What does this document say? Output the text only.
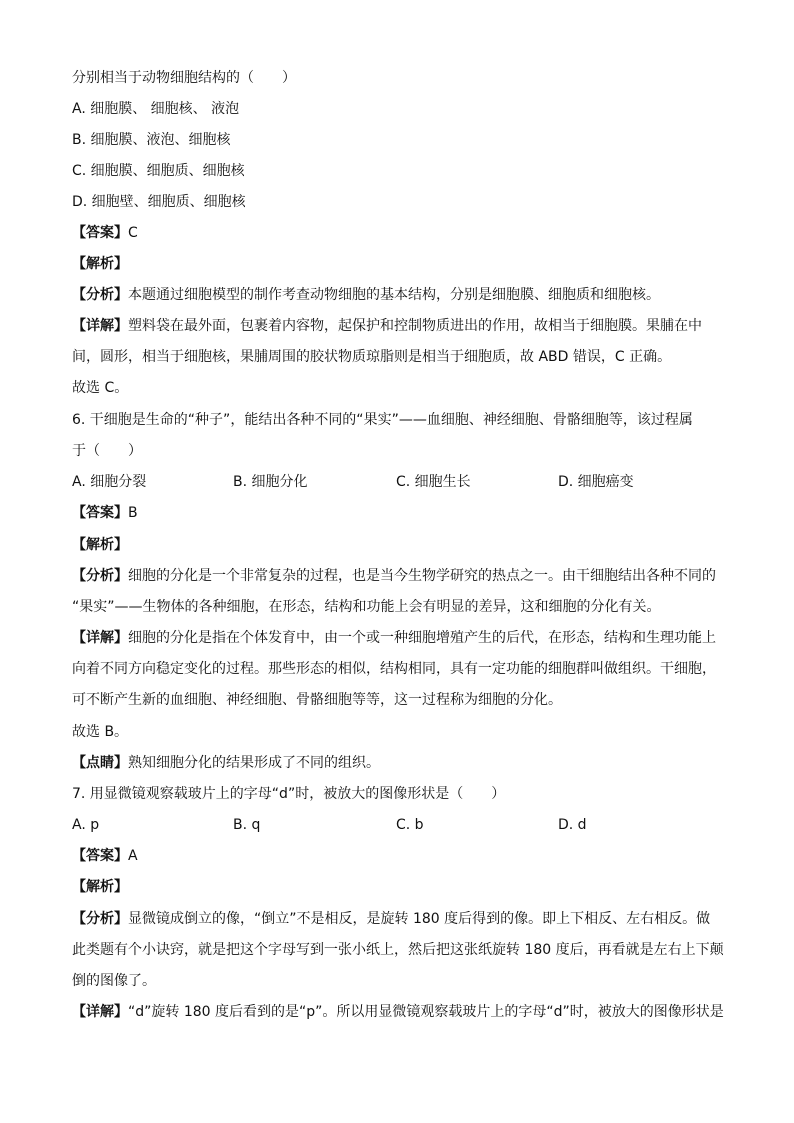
分别相当于动物细胞结构的（　　）
A. 细胞膜、 细胞核、 液泡
B. 细胞膜、液泡、细胞核
C. 细胞膜、细胞质、细胞核
D. 细胞壁、细胞质、细胞核
【答案】C
【解析】
【分析】本题通过细胞模型的制作考查动物细胞的基本结构，分别是细胞膜、细胞质和细胞核。
【详解】塑料袋在最外面，包裹着内容物，起保护和控制物质进出的作用，故相当于细胞膜。果脯在中
间，圆形，相当于细胞核，果脯周围的胶状物质琼脂则是相当于细胞质，故 ABD 错误，C 正确。
故选 C。
6. 干细胞是生命的“种子”，能结出各种不同的“果实”——血细胞、神经细胞、骨骼细胞等，该过程属
于（　　）
A. 细胞分裂	B. 细胞分化	C. 细胞生长	D. 细胞癌变
【答案】B
【解析】
【分析】细胞的分化是一个非常复杂的过程，也是当今生物学研究的热点之一。由干细胞结出各种不同的
“果实”——生物体的各种细胞，在形态，结构和功能上会有明显的差异，这和细胞的分化有关。
【详解】细胞的分化是指在个体发育中，由一个或一种细胞增殖产生的后代，在形态，结构和生理功能上
向着不同方向稳定变化的过程。那些形态的相似，结构相同，具有一定功能的细胞群叫做组织。干细胞，
可不断产生新的血细胞、神经细胞、骨骼细胞等等，这一过程称为细胞的分化。
故选 B。
【点睛】熟知细胞分化的结果形成了不同的组织。
7. 用显微镜观察载玻片上的字母“d”时，被放大的图像形状是（　　）
A. p	B. q	C. b	D. d
【答案】A
【解析】
【分析】显微镜成倒立的像，“倒立”不是相反，是旋转 180 度后得到的像。即上下相反、左右相反。做
此类题有个小诀窍，就是把这个字母写到一张小纸上，然后把这张纸旋转 180 度后，再看就是左右上下颠
倒的图像了。
【详解】“d”旋转 180 度后看到的是“p”。所以用显微镜观察载玻片上的字母“d”时，被放大的图像形状是
